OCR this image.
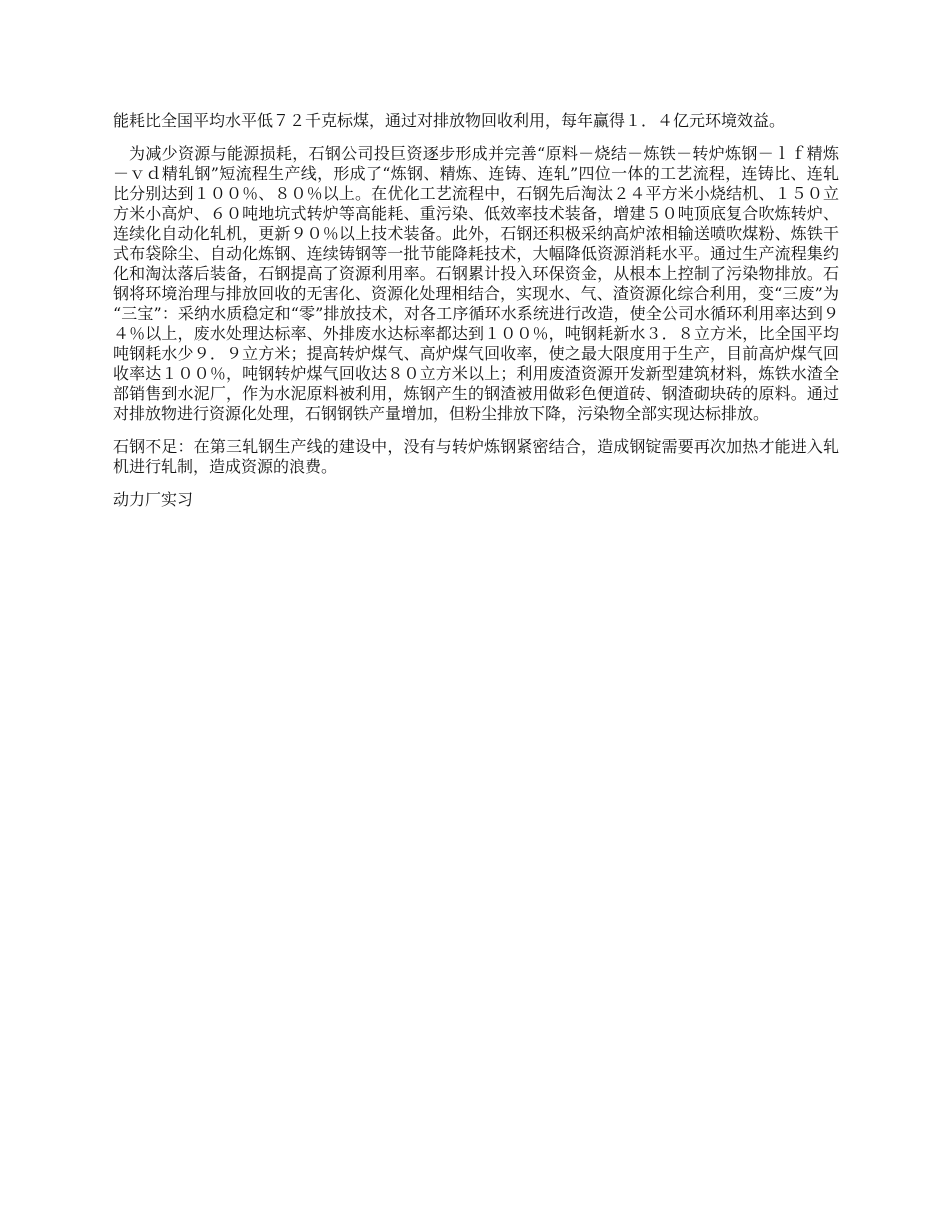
能耗比全国平均水平低７２千克标煤，通过对排放物回收利用，每年赢得１．４亿元环境效益。

为减少资源与能源损耗，石钢公司投巨资逐步形成并完善“原料－烧结－炼铁－转炉炼钢－ｌｆ精炼－ｖｄ精轧钢”短流程生产线，形成了“炼钢、精炼、连铸、连轧”四位一体的工艺流程，连铸比、连轧比分别达到１００％、８０％以上。在优化工艺流程中，石钢先后淘汰２４平方米小烧结机、１５０立方米小高炉、６０吨地坑式转炉等高能耗、重污染、低效率技术装备，增建５０吨顶底复合吹炼转炉、连续化自动化轧机，更新９０％以上技术装备。此外，石钢还积极采纳高炉浓相输送喷吹煤粉、炼铁干式布袋除尘、自动化炼钢、连续铸钢等一批节能降耗技术，大幅降低资源消耗水平。通过生产流程集约化和淘汰落后装备，石钢提高了资源利用率。石钢累计投入环保资金，从根本上控制了污染物排放。石钢将环境治理与排放回收的无害化、资源化处理相结合，实现水、气、渣资源化综合利用，变“三废”为“三宝”：采纳水质稳定和“零”排放技术，对各工序循环水系统进行改造，使全公司水循环利用率达到９４％以上，废水处理达标率、外排废水达标率都达到１００％，吨钢耗新水３．８立方米，比全国平均吨钢耗水少９．９立方米；提高转炉煤气、高炉煤气回收率，使之最大限度用于生产，目前高炉煤气回收率达１００％，吨钢转炉煤气回收达８０立方米以上；利用废渣资源开发新型建筑材料，炼铁水渣全部销售到水泥厂，作为水泥原料被利用，炼钢产生的钢渣被用做彩色便道砖、钢渣砌块砖的原料。通过对排放物进行资源化处理，石钢钢铁产量增加，但粉尘排放下降，污染物全部实现达标排放。

石钢不足：在第三轧钢生产线的建设中，没有与转炉炼钢紧密结合，造成钢锭需要再次加热才能进入轧机进行轧制，造成资源的浪费。

动力厂实习
